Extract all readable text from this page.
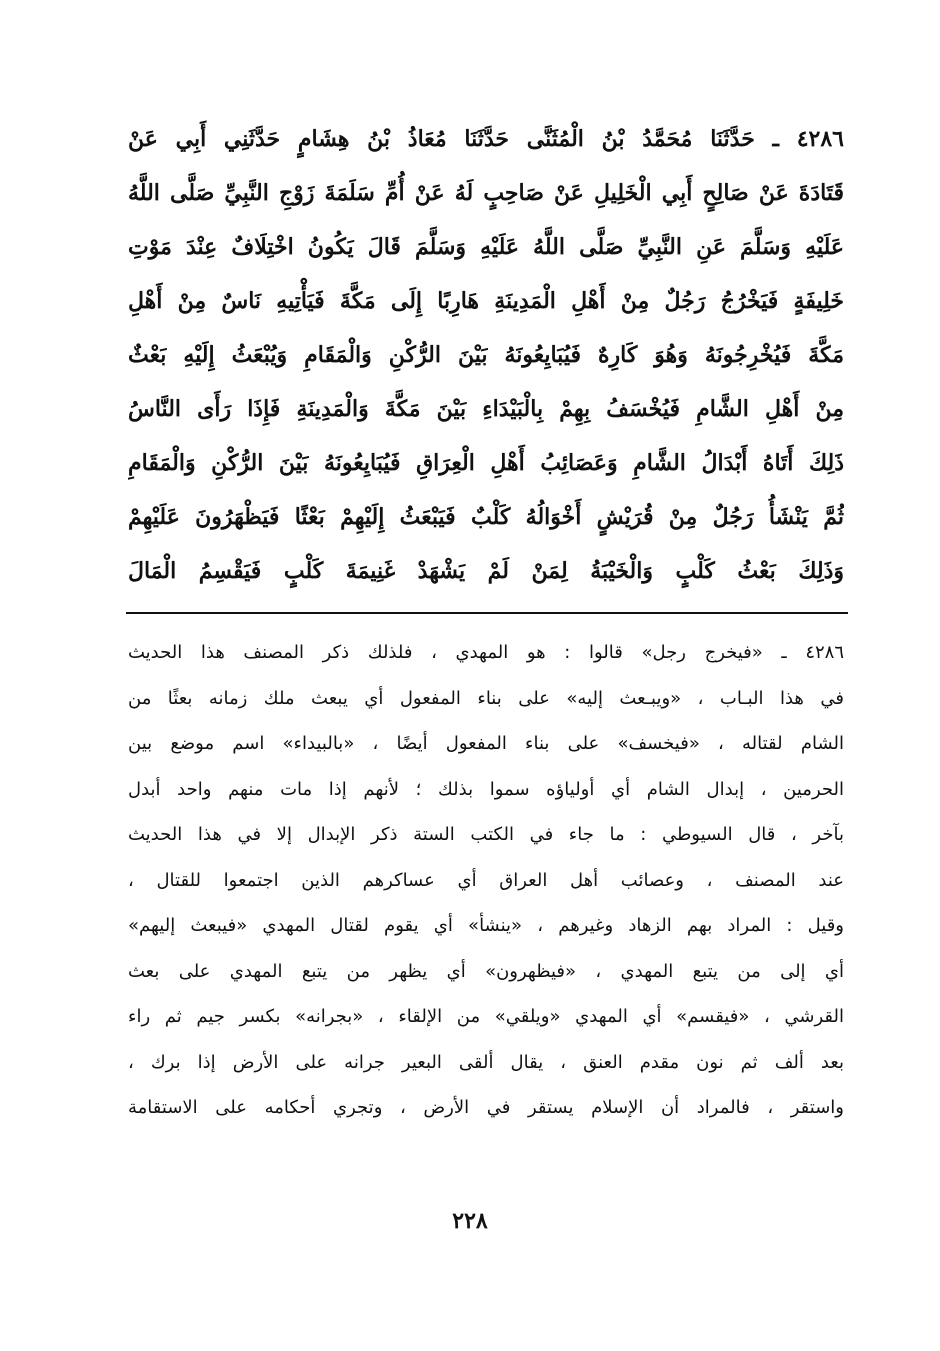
٤٢٨٦ ـ حَدَّثَنَا مُحَمَّدُ بْنُ الْمُثَنَّى حَدَّثَنَا مُعَاذُ بْنُ هِشَامٍ حَدَّثَنِي أَبِي عَنْ
قَتَادَةَ عَنْ صَالِحٍ أَبِي الْخَلِيلِ عَنْ صَاحِبٍ لَهُ عَنْ أُمِّ سَلَمَةَ زَوْجِ النَّبِيِّ صَلَّى اللَّهُ
عَلَيْهِ وَسَلَّمَ عَنِ النَّبِيِّ صَلَّى اللَّهُ عَلَيْهِ وَسَلَّمَ قَالَ يَكُونُ اخْتِلَافٌ عِنْدَ مَوْتِ
خَلِيفَةٍ فَيَخْرُجُ رَجُلٌ مِنْ أَهْلِ الْمَدِينَةِ هَارِبًا إِلَى مَكَّةَ فَيَأْتِيهِ نَاسٌ مِنْ أَهْلِ
مَكَّةَ فَيُخْرِجُونَهُ وَهُوَ كَارِهٌ فَيُبَايِعُونَهُ بَيْنَ الرُّكْنِ وَالْمَقَامِ وَيُبْعَثُ إِلَيْهِ بَعْثٌ
مِنْ أَهْلِ الشَّامِ فَيُخْسَفُ بِهِمْ بِالْبَيْدَاءِ بَيْنَ مَكَّةَ وَالْمَدِينَةِ فَإِذَا رَأَى النَّاسُ
ذَلِكَ أَتَاهُ أَبْدَالُ الشَّامِ وَعَصَائِبُ أَهْلِ الْعِرَاقِ فَيُبَايِعُونَهُ بَيْنَ الرُّكْنِ وَالْمَقَامِ
ثُمَّ يَنْشَأُ رَجُلٌ مِنْ قُرَيْشٍ أَخْوَالُهُ كَلْبٌ فَيَبْعَثُ إِلَيْهِمْ بَعْثًا فَيَظْهَرُونَ عَلَيْهِمْ
وَذَلِكَ بَعْثُ كَلْبٍ وَالْخَيْبَةُ لِمَنْ لَمْ يَشْهَدْ غَنِيمَةَ كَلْبٍ فَيَقْسِمُ الْمَالَ
٤٢٨٦ ـ «فيخرج رجل» قالوا : هو المهدي ، فلذلك ذكر المصنف هذا الحديث
في هذا البـاب ، «ويبـعث إليه» على بناء المفعول أي يبعث ملك زمانه بعثًا من
الشام لقتاله ، «فيخسف» على بناء المفعول أيضًا ، «بالبيداء» اسم موضع بين
الحرمين ، إبدال الشام أي أولياؤه سموا بذلك ؛ لأنهم إذا مات منهم واحد أبدل
بآخر ، قال السيوطي : ما جاء في الكتب الستة ذكر الإبدال إلا في هذا الحديث
عند المصنف ، وعصائب أهل العراق أي عساكرهم الذين اجتمعوا للقتال ،
وقيل : المراد بهم الزهاد وغيرهم ، «ينشأ» أي يقوم لقتال المهدي «فيبعث إليهم»
أي إلى من يتبع المهدي ، «فيظهرون» أي يظهر من يتبع المهدي على بعث
القرشي ، «فيقسم» أي المهدي «ويلقي» من الإلقاء ، «بجرانه» بكسر جيم ثم راء
بعد ألف ثم نون مقدم العنق ، يقال ألقى البعير جرانه على الأرض إذا برك ،
واستقر ، فالمراد أن الإسلام يستقر في الأرض ، وتجري أحكامه على الاستقامة
٢٢٨
